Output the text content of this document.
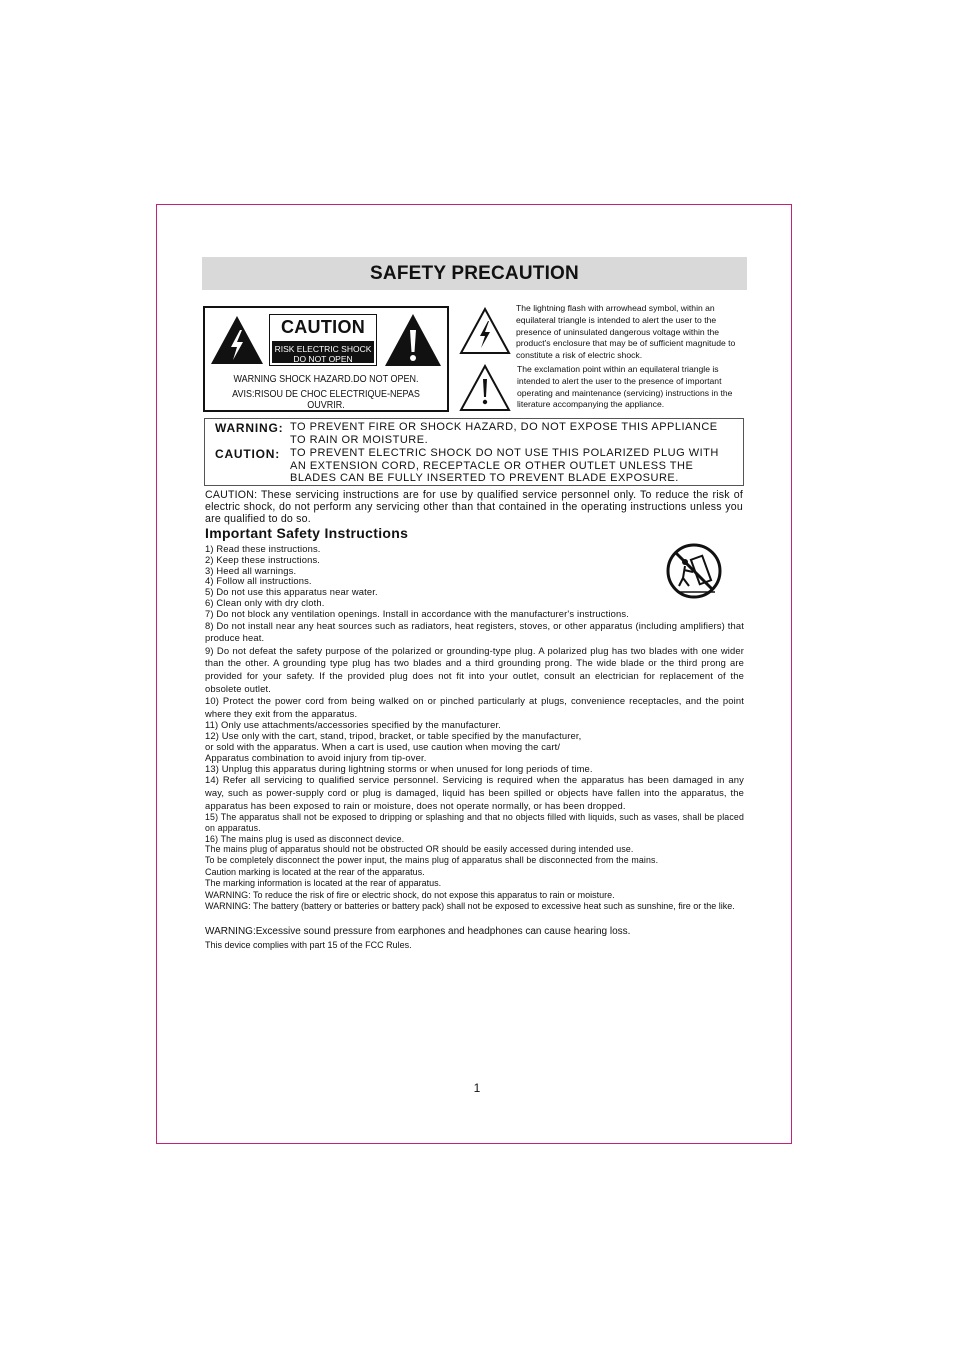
SAFETY PRECAUTION
CAUTION
RISK ELECTRIC SHOCK
DO NOT OPEN
WARNING SHOCK HAZARD.DO NOT OPEN.
AVIS:RISOU DE CHOC ELECTRIQUE-NEPAS OUVRIR.
The lightning flash with arrowhead symbol, within an equilateral triangle is intended to alert the user to the presence of uninsulated dangerous voltage within the product's enclosure that may be of sufficient magnitude to constitute a risk of electric shock.
The exclamation point within an equilateral triangle is intended to alert the user to the presence of important operating and maintenance (servicing) instructions in the literature accompanying the appliance.
WARNING: TO PREVENT FIRE OR SHOCK HAZARD, DO NOT EXPOSE THIS APPLIANCE TO RAIN OR MOISTURE.
CAUTION: TO PREVENT ELECTRIC SHOCK DO NOT USE THIS POLARIZED PLUG WITH AN EXTENSION CORD, RECEPTACLE OR OTHER OUTLET UNLESS THE BLADES CAN BE FULLY INSERTED TO PREVENT BLADE EXPOSURE.
CAUTION: These servicing instructions are for use by qualified service personnel only. To reduce the risk of electric shock, do not perform any servicing other than that contained in the operating instructions unless you are qualified to do so.
Important Safety Instructions
1) Read these instructions.
2) Keep these instructions.
3) Heed all warnings.
4) Follow all instructions.
5) Do not use this apparatus near water.
6) Clean only with dry cloth.
7) Do not block any ventilation openings. Install in accordance with the manufacturer's instructions.
8) Do not install near any heat sources such as radiators, heat registers, stoves, or other apparatus (including amplifiers) that produce heat.
9) Do not defeat the safety purpose of the polarized or grounding-type plug. A polarized plug has two blades with one wider than the other. A grounding type plug has two blades and a third grounding prong. The wide blade or the third prong are provided for your safety. If the provided plug does not fit into your outlet, consult an electrician for replacement of the obsolete outlet.
10) Protect the power cord from being walked on or pinched particularly at plugs, convenience receptacles, and the point where they exit from the apparatus.
11) Only use attachments/accessories specified by the manufacturer.
12) Use only with the cart, stand, tripod, bracket, or table specified by the manufacturer,
or sold with the apparatus. When a cart is used, use caution when moving the cart/
Apparatus combination to avoid injury from tip-over.
13) Unplug this apparatus during lightning storms or when unused for long periods of time.
14) Refer all servicing to qualified service personnel. Servicing is required when the apparatus has been damaged in any way, such as power-supply cord or plug is damaged, liquid has been spilled or objects have fallen into the apparatus, the apparatus has been exposed to rain or moisture, does not operate normally, or has been dropped.
15) The apparatus shall not be exposed to dripping or splashing and that no objects filled with liquids, such as vases, shall be placed on apparatus.
16) The mains plug is used as disconnect device.
The mains plug of apparatus should not be obstructed OR should be easily accessed during intended use.
To be completely disconnect the power input, the mains plug of apparatus shall be disconnected from the mains.
Caution marking is located at the rear of the apparatus.
The marking information is located at the rear of apparatus.
WARNING: To reduce the risk of fire or electric shock, do not expose this apparatus to rain or moisture.
WARNING: The battery (battery or batteries or battery pack) shall not be exposed to excessive heat such as sunshine, fire or the like.
WARNING:Excessive sound pressure from earphones and headphones can cause hearing loss.
This device complies with part 15 of the FCC Rules.
1
